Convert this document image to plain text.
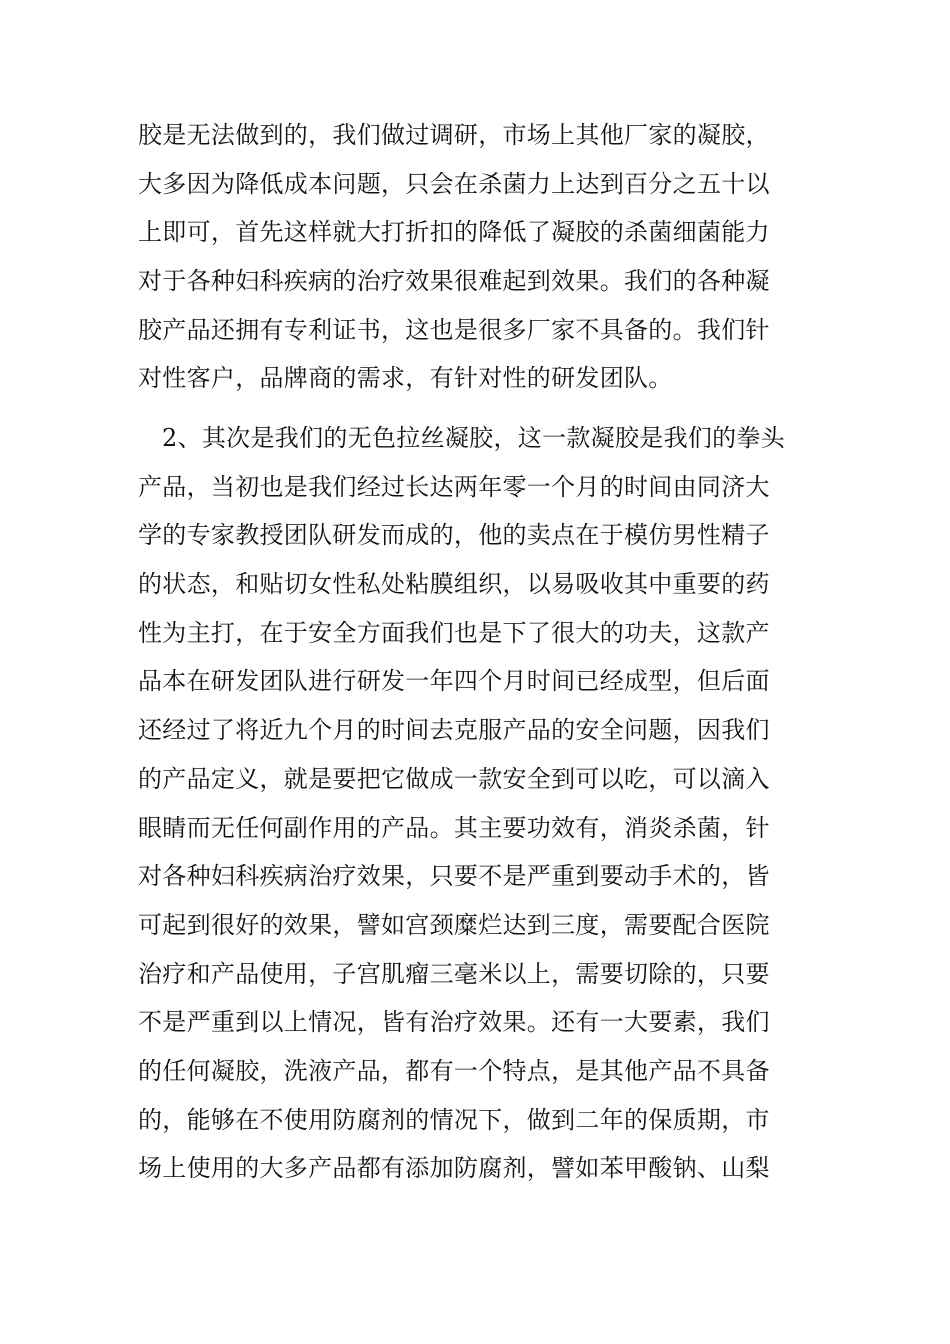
胶是无法做到的，我们做过调研，市场上其他厂家的凝胶，
大多因为降低成本问题，只会在杀菌力上达到百分之五十以
上即可，首先这样就大打折扣的降低了凝胶的杀菌细菌能力
对于各种妇科疾病的治疗效果很难起到效果。我们的各种凝
胶产品还拥有专利证书，这也是很多厂家不具备的。我们针
对性客户，品牌商的需求，有针对性的研发团队。
2、其次是我们的无色拉丝凝胶，这一款凝胶是我们的拳头
产品，当初也是我们经过长达两年零一个月的时间由同济大
学的专家教授团队研发而成的，他的卖点在于模仿男性精子
的状态，和贴切女性私处粘膜组织，以易吸收其中重要的药
性为主打，在于安全方面我们也是下了很大的功夫，这款产
品本在研发团队进行研发一年四个月时间已经成型，但后面
还经过了将近九个月的时间去克服产品的安全问题，因我们
的产品定义，就是要把它做成一款安全到可以吃，可以滴入
眼睛而无任何副作用的产品。其主要功效有，消炎杀菌，针
对各种妇科疾病治疗效果，只要不是严重到要动手术的，皆
可起到很好的效果，譬如宫颈糜烂达到三度，需要配合医院
治疗和产品使用，子宫肌瘤三毫米以上，需要切除的，只要
不是严重到以上情况，皆有治疗效果。还有一大要素，我们
的任何凝胶，洗液产品，都有一个特点，是其他产品不具备
的，能够在不使用防腐剂的情况下，做到二年的保质期，市
场上使用的大多产品都有添加防腐剂，譬如苯甲酸钠、山梨
